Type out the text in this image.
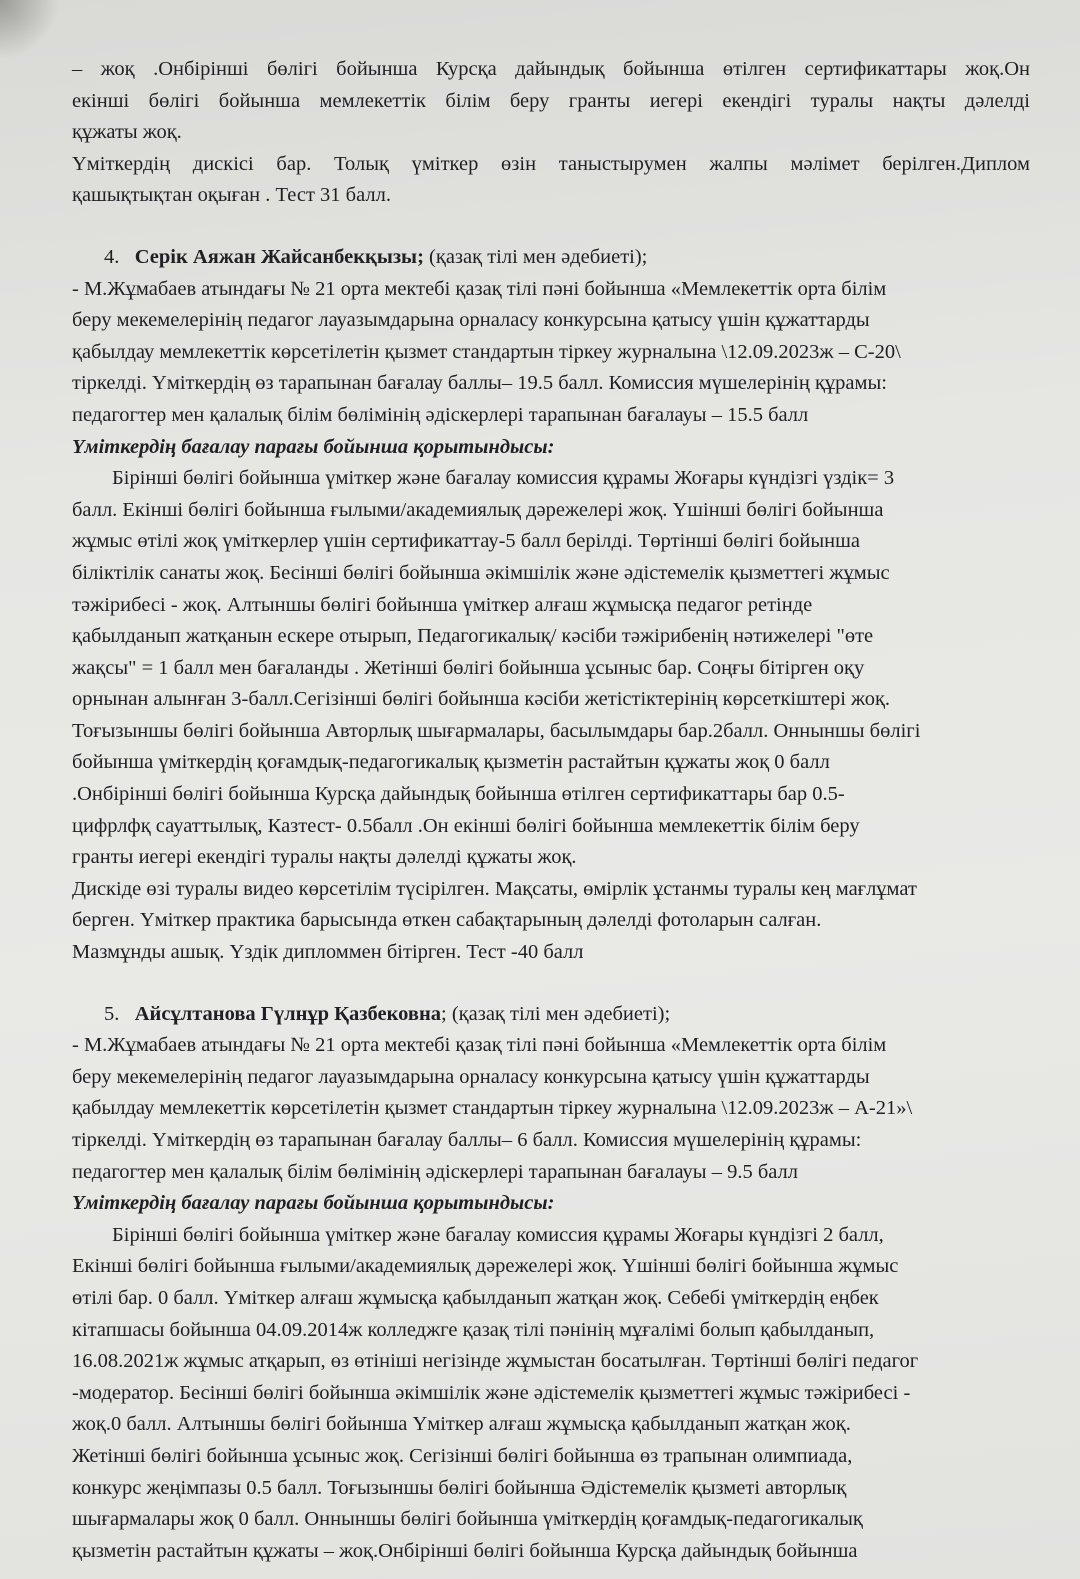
– жоқ .Онбірінші бөлігі бойынша Курсқа дайындық бойынша өтілген сертификаттары жоқ.Он

екінші бөлігі бойынша мемлекеттік білім беру гранты иегері екендігі туралы нақты дәлелді

құжаты жоқ.

Үміткердің дискісі бар. Толық үміткер өзін таныстырумен жалпы мәлімет берілген.Диплом

қашықтықтан оқыған . Тест 31 балл.

4. Серік Аяжан Жайсанбекқызы; (қазақ тілі мен әдебиеті);

- М.Жұмабаев атындағы № 21 орта мектебі қазақ тілі пәні бойынша «Мемлекеттік орта білім

беру мекемелерінің педагог лауазымдарына орналасу конкурсына қатысу үшін құжаттарды

қабылдау мемлекеттік көрсетілетін қызмет стандартын тіркеу журналына \12.09.2023ж – С-20\

тіркелді. Үміткердің өз тарапынан бағалау баллы– 19.5 балл. Комиссия мүшелерінің құрамы:

педагогтер мен қалалық білім бөлімінің әдіскерлері тарапынан бағалауы – 15.5 балл

Үміткердің бағалау парағы бойынша қорытындысы:

Бірінші бөлігі бойынша үміткер және бағалау комиссия құрамы Жоғары күндізгі үздік= 3

балл. Екінші бөлігі бойынша ғылыми/академиялық дәрежелері жоқ. Үшінші бөлігі бойынша

жұмыс өтілі жоқ үміткерлер үшін сертификаттау-5 балл берілді. Төртінші бөлігі бойынша

біліктілік санаты жоқ. Бесінші бөлігі бойынша әкімшілік және әдістемелік қызметтегі жұмыс

тәжірибесі - жоқ. Алтыншы бөлігі бойынша үміткер алғаш жұмысқа педагог ретінде

қабылданып жатқанын ескере отырып, Педагогикалық/ кәсіби тәжірибенің нәтижелері "өте

жақсы" = 1 балл мен бағаланды . Жетінші бөлігі бойынша ұсыныс бар. Соңғы бітірген оқу

орнынан алынған 3-балл.Сегізінші бөлігі бойынша кәсіби жетістіктерінің көрсеткіштері жоқ.

Тоғызыншы бөлігі бойынша Авторлық шығармалары, басылымдары бар.2балл. Онныншы бөлігі

бойынша үміткердің қоғамдық-педагогикалық қызметін растайтын құжаты жоқ 0 балл

.Онбірінші бөлігі бойынша Курсқа дайындық бойынша өтілген сертификаттары бар 0.5-

цифрлфқ сауаттылық, Казтест- 0.5балл .Он екінші бөлігі бойынша мемлекеттік білім беру

гранты иегері екендігі туралы нақты дәлелді құжаты жоқ.

Дискіде өзі туралы видео көрсетілім түсірілген. Мақсаты, өмірлік ұстанмы туралы кең мағлұмат

берген. Үміткер практика барысында өткен сабақтарының дәлелді фотоларын салған.

Мазмұнды ашық. Үздік дипломмен бітірген. Тест -40 балл

5. Айсұлтанова Гүлнұр Қазбековна; (қазақ тілі мен әдебиеті);

- М.Жұмабаев атындағы № 21 орта мектебі қазақ тілі пәні бойынша «Мемлекеттік орта білім

беру мекемелерінің педагог лауазымдарына орналасу конкурсына қатысу үшін құжаттарды

қабылдау мемлекеттік көрсетілетін қызмет стандартын тіркеу журналына \12.09.2023ж – А-21»\

тіркелді. Үміткердің өз тарапынан бағалау баллы– 6 балл. Комиссия мүшелерінің құрамы:

педагогтер мен қалалық білім бөлімінің әдіскерлері тарапынан бағалауы – 9.5 балл

Үміткердің бағалау парағы бойынша қорытындысы:

Бірінші бөлігі бойынша үміткер және бағалау комиссия құрамы Жоғары күндізгі 2 балл,

Екінші бөлігі бойынша ғылыми/академиялық дәрежелері жоқ. Үшінші бөлігі бойынша жұмыс

өтілі бар. 0 балл. Үміткер алғаш жұмысқа қабылданып жатқан жоқ. Себебі үміткердің еңбек

кітапшасы бойынша 04.09.2014ж колледжге қазақ тілі пәнінің мұғалімі болып қабылданып,

16.08.2021ж жұмыс атқарып, өз өтініші негізінде жұмыстан босатылған. Төртінші бөлігі педагог

-модератор. Бесінші бөлігі бойынша әкімшілік және әдістемелік қызметтегі жұмыс тәжірибесі -

жоқ.0 балл. Алтыншы бөлігі бойынша Үміткер алғаш жұмысқа қабылданып жатқан жоқ.

Жетінші бөлігі бойынша ұсыныс жоқ. Сегізінші бөлігі бойынша өз трапынан олимпиада,

конкурс жеңімпазы 0.5 балл. Тоғызыншы бөлігі бойынша Әдістемелік қызметі авторлық

шығармалары жоқ 0 балл. Онныншы бөлігі бойынша үміткердің қоғамдық-педагогикалық

қызметін растайтын құжаты – жоқ.Онбірінші бөлігі бойынша Курсқа дайындық бойынша
